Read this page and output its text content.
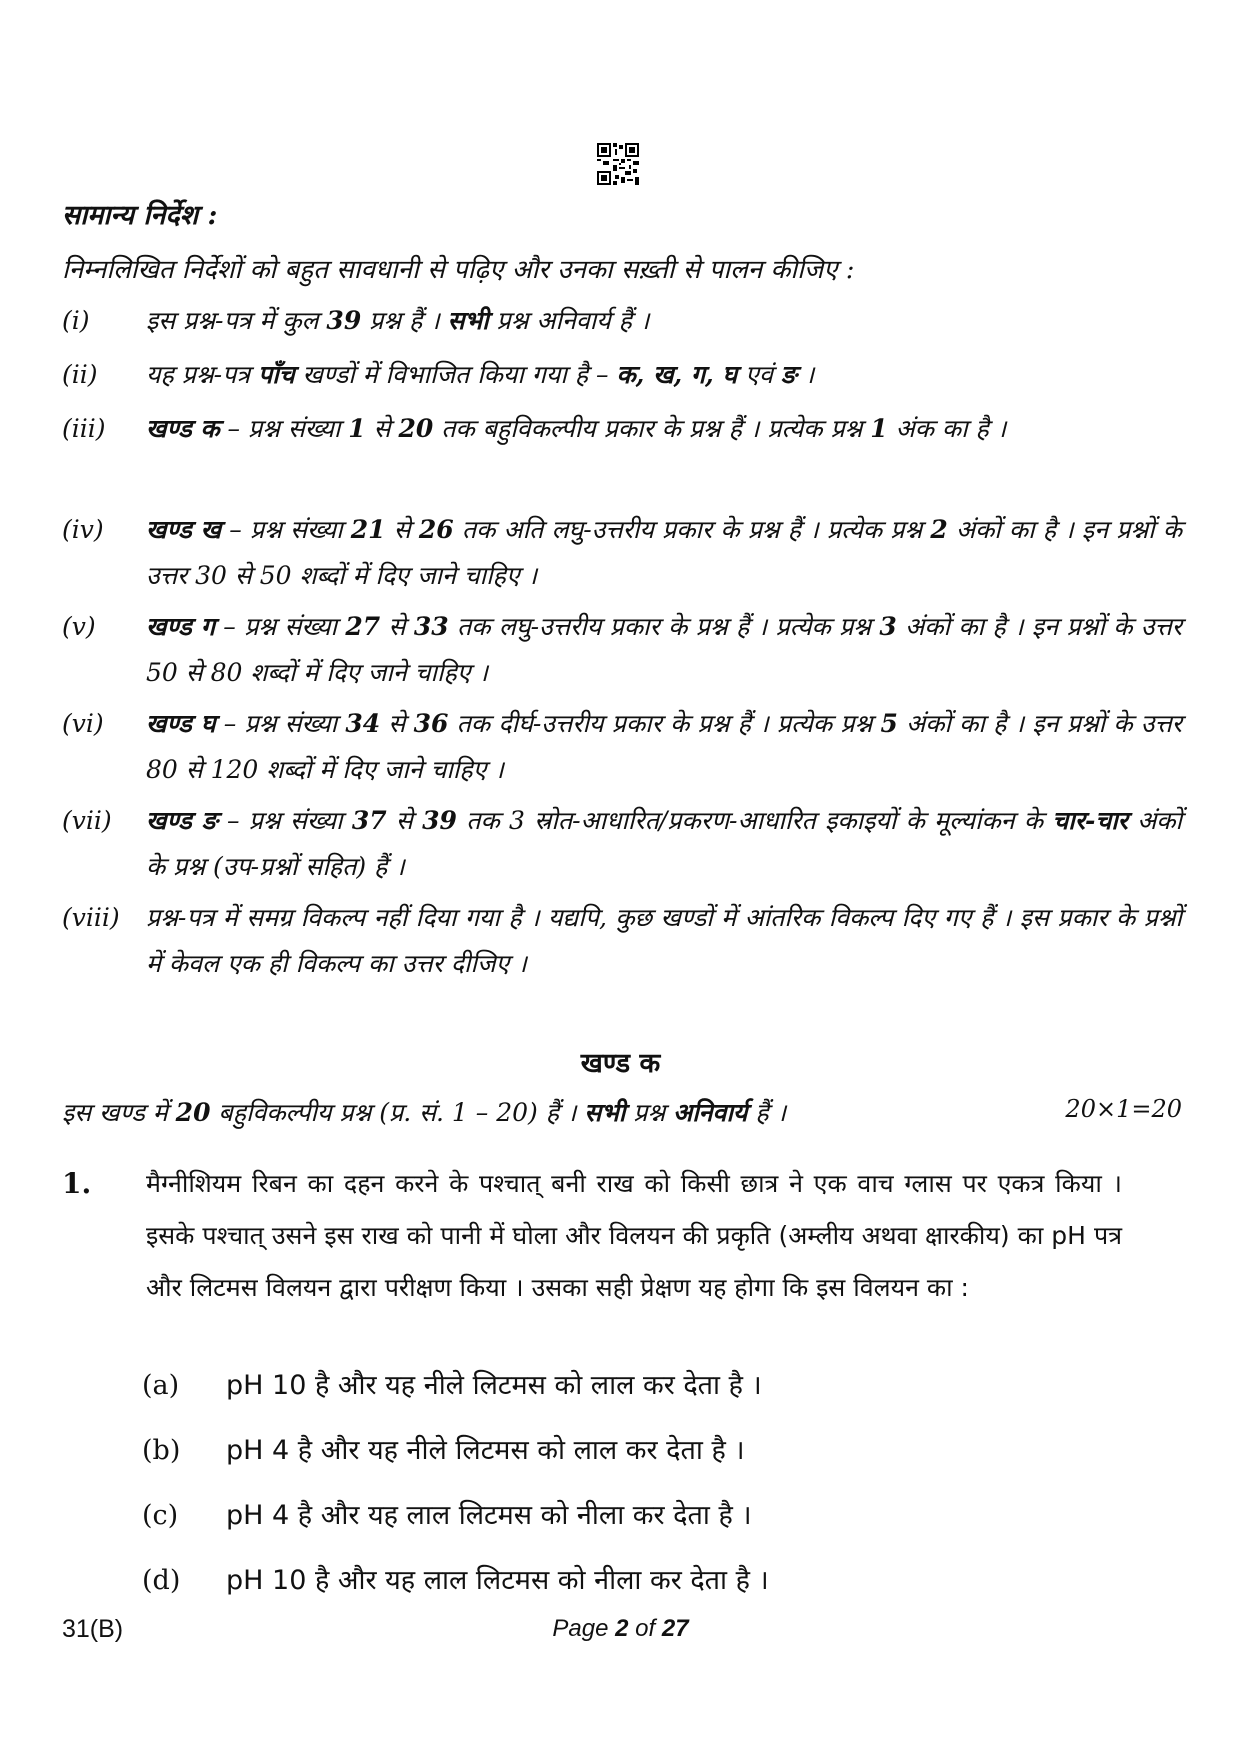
सामान्य निर्देश :
निम्नलिखित निर्देशों को बहुत सावधानी से पढ़िए और उनका सख़्ती से पालन कीजिए :
(i)	इस प्रश्न-पत्र में कुल 39 प्रश्न हैं । सभी प्रश्न अनिवार्य हैं ।
(ii)	यह प्रश्न-पत्र पाँच खण्डों में विभाजित किया गया है – क, ख, ग, घ एवं ङ ।
(iii)	खण्ड क – प्रश्न संख्या 1 से 20 तक बहुविकल्पीय प्रकार के प्रश्न हैं । प्रत्येक प्रश्न 1 अंक का है ।
(iv)	खण्ड ख – प्रश्न संख्या 21 से 26 तक अति लघु-उत्तरीय प्रकार के प्रश्न हैं । प्रत्येक प्रश्न 2 अंकों का है । इन प्रश्नों के उत्तर 30 से 50 शब्दों में दिए जाने चाहिए ।
(v)	खण्ड ग – प्रश्न संख्या 27 से 33 तक लघु-उत्तरीय प्रकार के प्रश्न हैं । प्रत्येक प्रश्न 3 अंकों का है । इन प्रश्नों के उत्तर 50 से 80 शब्दों में दिए जाने चाहिए ।
(vi)	खण्ड घ – प्रश्न संख्या 34 से 36 तक दीर्घ-उत्तरीय प्रकार के प्रश्न हैं । प्रत्येक प्रश्न 5 अंकों का है । इन प्रश्नों के उत्तर 80 से 120 शब्दों में दिए जाने चाहिए ।
(vii)	खण्ड ङ – प्रश्न संख्या 37 से 39 तक 3 स्रोत-आधारित/प्रकरण-आधारित इकाइयों के मूल्यांकन के चार-चार अंकों के प्रश्न (उप-प्रश्नों सहित) हैं ।
(viii)	प्रश्न-पत्र में समग्र विकल्प नहीं दिया गया है । यद्यपि, कुछ खण्डों में आंतरिक विकल्प दिए गए हैं । इस प्रकार के प्रश्नों में केवल एक ही विकल्प का उत्तर दीजिए ।
खण्ड क
इस खण्ड में 20 बहुविकल्पीय प्रश्न (प्र. सं. 1 – 20) हैं । सभी प्रश्न अनिवार्य हैं ।	20×1=20
1. मैग्नीशियम रिबन का दहन करने के पश्चात् बनी राख को किसी छात्र ने एक वाच ग्लास पर एकत्र किया । इसके पश्चात् उसने इस राख को पानी में घोला और विलयन की प्रकृति (अम्लीय अथवा क्षारकीय) का pH पत्र और लिटमस विलयन द्वारा परीक्षण किया । उसका सही प्रेक्षण यह होगा कि इस विलयन का :
(a) pH 10 है और यह नीले लिटमस को लाल कर देता है ।
(b) pH 4 है और यह नीले लिटमस को लाल कर देता है ।
(c) pH 4 है और यह लाल लिटमस को नीला कर देता है ।
(d) pH 10 है और यह लाल लिटमस को नीला कर देता है ।
31(B)	Page 2 of 27
